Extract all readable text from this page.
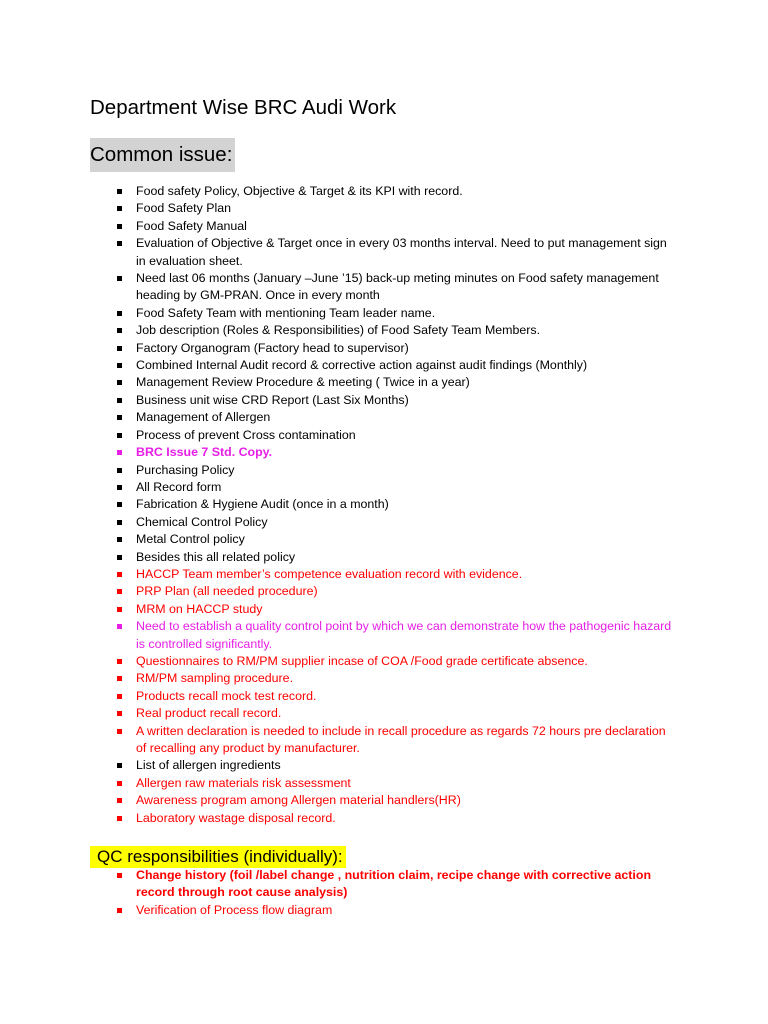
Department Wise BRC Audi Work
Common issue:
Food safety Policy, Objective & Target & its KPI with record.
Food Safety Plan
Food Safety Manual
Evaluation of Objective & Target once in every 03 months interval. Need to put management sign in evaluation sheet.
Need last 06 months (January –June ’15) back-up meting minutes on Food safety management heading by GM-PRAN. Once in every month
Food Safety Team with mentioning Team leader name.
Job description (Roles & Responsibilities) of Food Safety Team Members.
Factory Organogram (Factory head to supervisor)
Combined Internal Audit record & corrective action against audit findings (Monthly)
Management Review Procedure & meeting ( Twice in a year)
Business unit wise CRD Report (Last Six Months)
Management of Allergen
Process of prevent Cross contamination
BRC Issue 7 Std. Copy.
Purchasing Policy
All Record form
Fabrication & Hygiene Audit (once in a month)
Chemical Control Policy
Metal Control policy
Besides this all related policy
HACCP Team member’s competence evaluation record with evidence.
PRP Plan (all needed procedure)
MRM on HACCP study
Need to establish a quality control point by which we can demonstrate how the pathogenic hazard is controlled significantly.
Questionnaires to RM/PM supplier incase of COA /Food grade certificate absence.
RM/PM sampling procedure.
Products recall mock test record.
Real product recall record.
A written declaration is needed to include in recall procedure as regards 72 hours pre declaration of recalling any product by manufacturer.
List of allergen ingredients
Allergen raw materials risk assessment
Awareness program among Allergen material handlers(HR)
Laboratory wastage disposal record.
QC responsibilities (individually):
Change history (foil /label change , nutrition claim, recipe change with corrective action record through root cause analysis)
Verification of Process flow diagram
